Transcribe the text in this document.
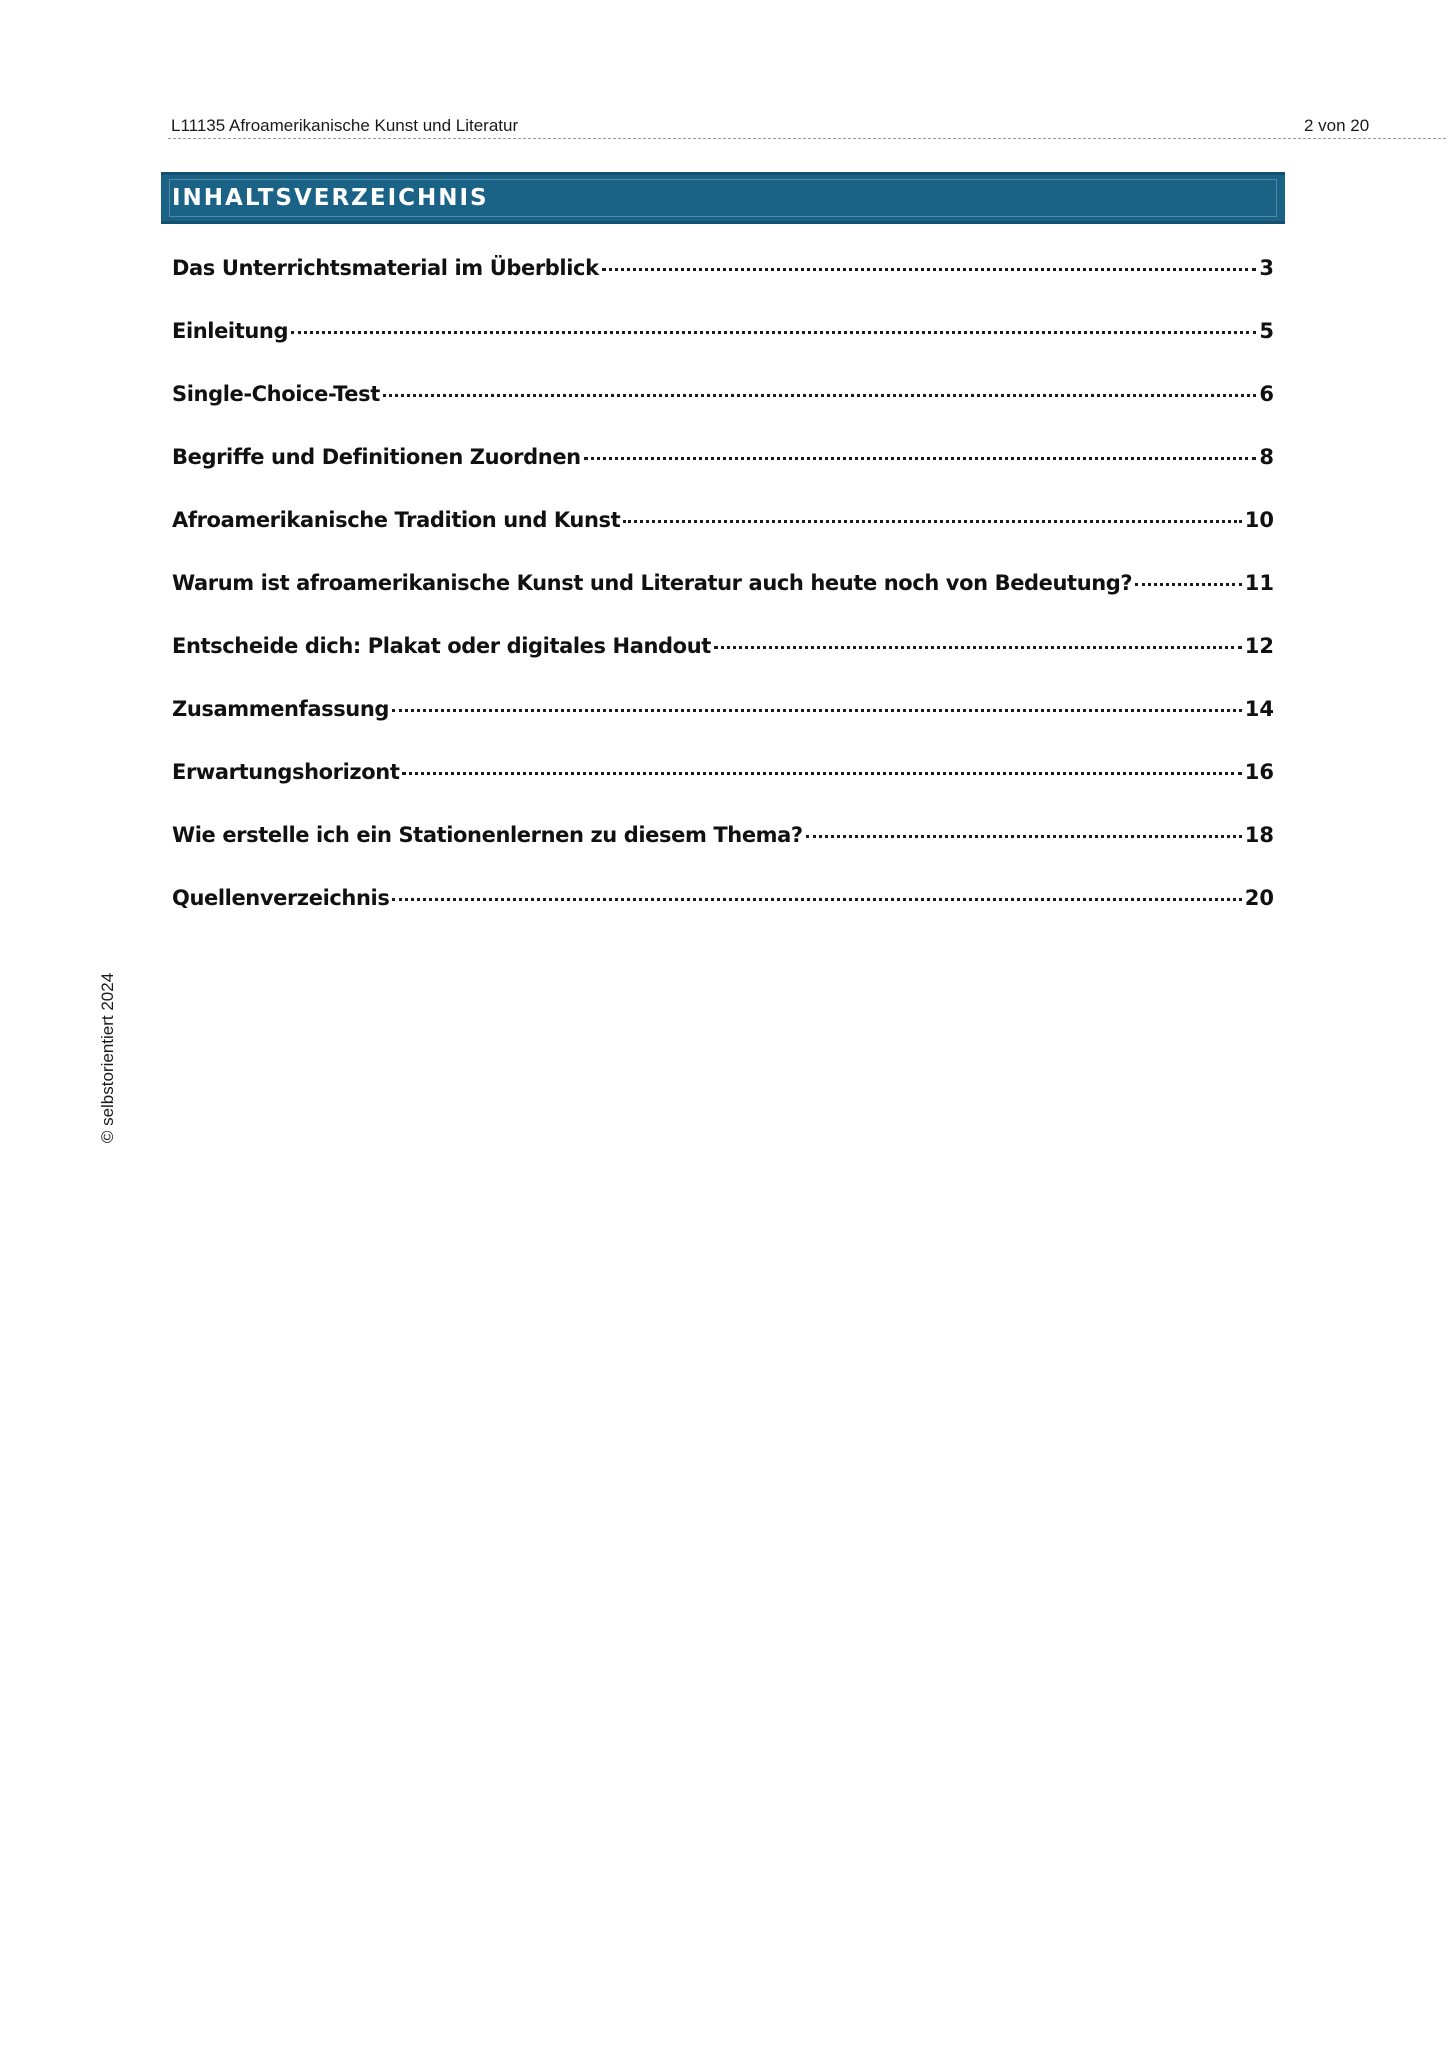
L11135 Afroamerikanische Kunst und Literatur	2 von 20
INHALTSVERZEICHNIS
Das Unterrichtsmaterial im Überblick	3
Einleitung	5
Single-Choice-Test	6
Begriffe und Definitionen Zuordnen	8
Afroamerikanische Tradition und Kunst	10
Warum ist afroamerikanische Kunst und Literatur auch heute noch von Bedeutung?	11
Entscheide dich: Plakat oder digitales Handout	12
Zusammenfassung	14
Erwartungshorizont	16
Wie erstelle ich ein Stationenlernen zu diesem Thema?	18
Quellenverzeichnis	20
© selbstorientiert 2024
